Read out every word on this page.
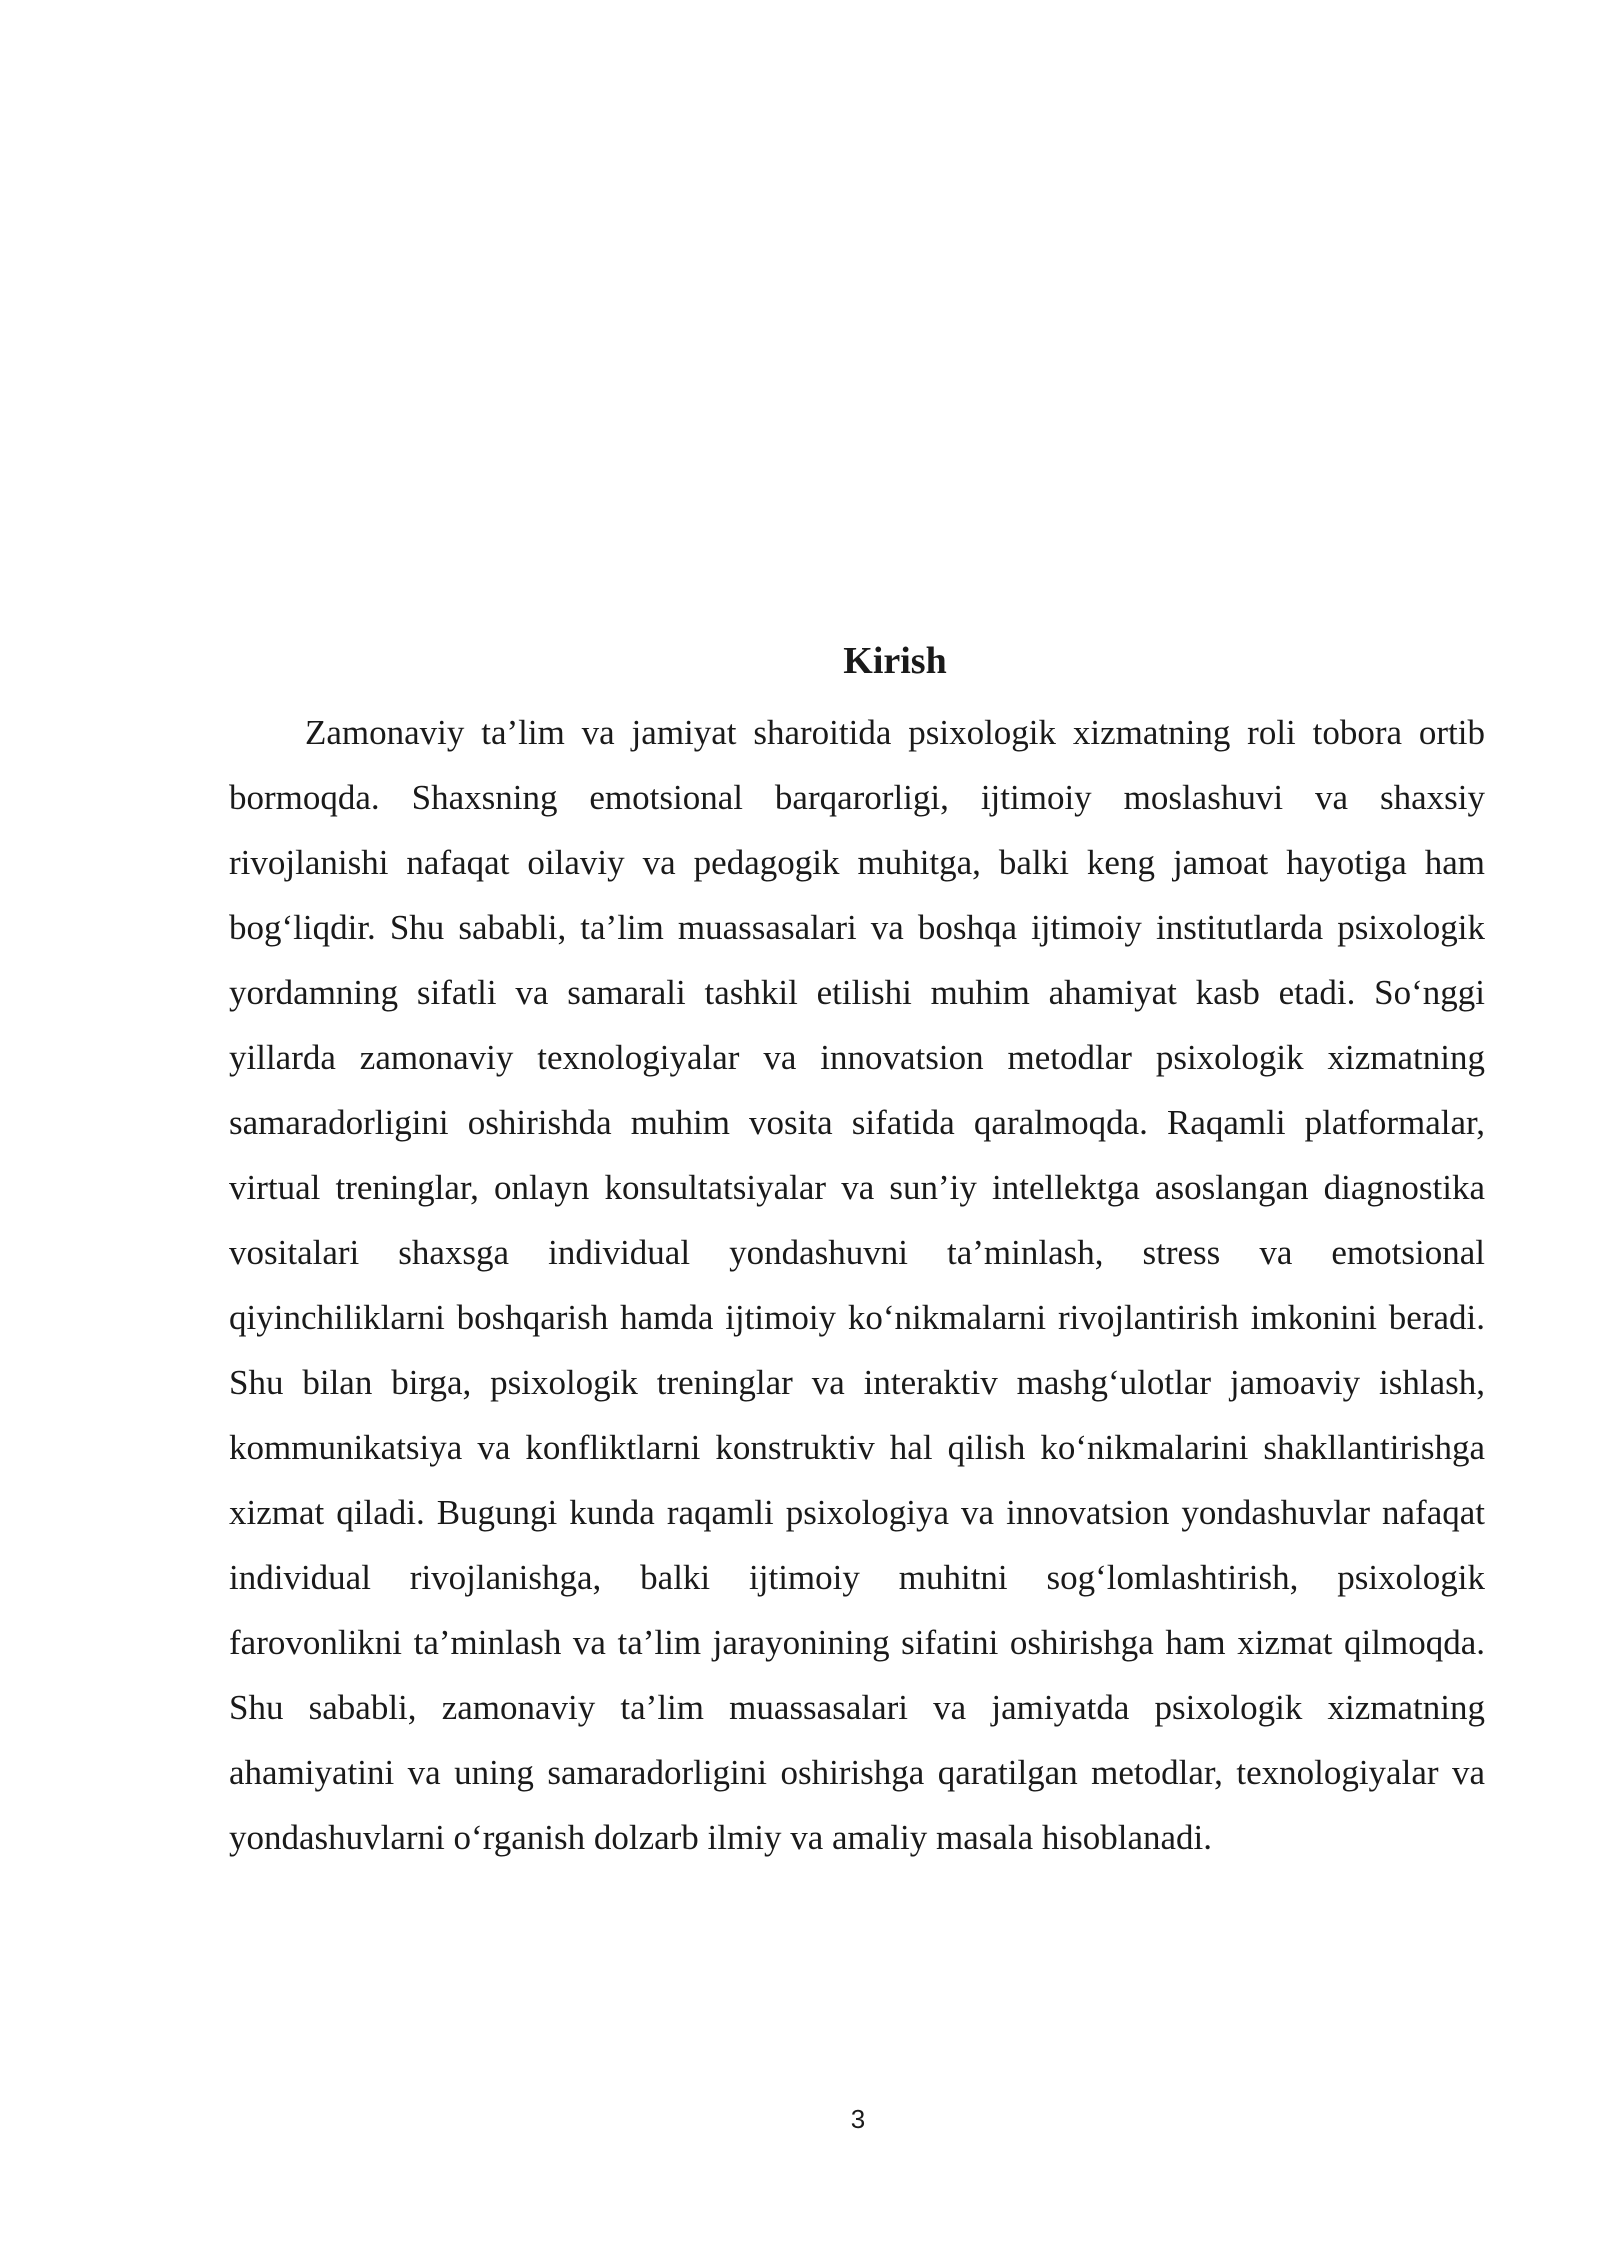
Kirish

Zamonaviy ta’lim va jamiyat sharoitida psixologik xizmatning roli tobora ortib bormoqda. Shaxsning emotsional barqarorligi, ijtimoiy moslashuvi va shaxsiy rivojlanishi nafaqat oilaviy va pedagogik muhitga, balki keng jamoat hayotiga ham bog‘liqdir. Shu sababli, ta’lim muassasalari va boshqa ijtimoiy institutlarda psixologik yordamning sifatli va samarali tashkil etilishi muhim ahamiyat kasb etadi. So‘nggi yillarda zamonaviy texnologiyalar va innovatsion metodlar psixologik xizmatning samaradorligini oshirishda muhim vosita sifatida qaralmoqda. Raqamli platformalar, virtual treninglar, onlayn konsultatsiyalar va sun’iy intellektga asoslangan diagnostika vositalari shaxsga individual yondashuvni ta’minlash, stress va emotsional qiyinchiliklarni boshqarish hamda ijtimoiy ko‘nikmalarni rivojlantirish imkonini beradi. Shu bilan birga, psixologik treninglar va interaktiv mashg‘ulotlar jamoaviy ishlash, kommunikatsiya va konfliktlarni konstruktiv hal qilish ko‘nikmalarini shakllantirishga xizmat qiladi. Bugungi kunda raqamli psixologiya va innovatsion yondashuvlar nafaqat individual rivojlanishga, balki ijtimoiy muhitni sog‘lomlashtirish, psixologik farovonlikni ta’minlash va ta’lim jarayonining sifatini oshirishga ham xizmat qilmoqda. Shu sababli, zamonaviy ta’lim muassasalari va jamiyatda psixologik xizmatning ahamiyatini va uning samaradorligini oshirishga qaratilgan metodlar, texnologiyalar va yondashuvlarni o‘rganish dolzarb ilmiy va amaliy masala hisoblanadi.

3
